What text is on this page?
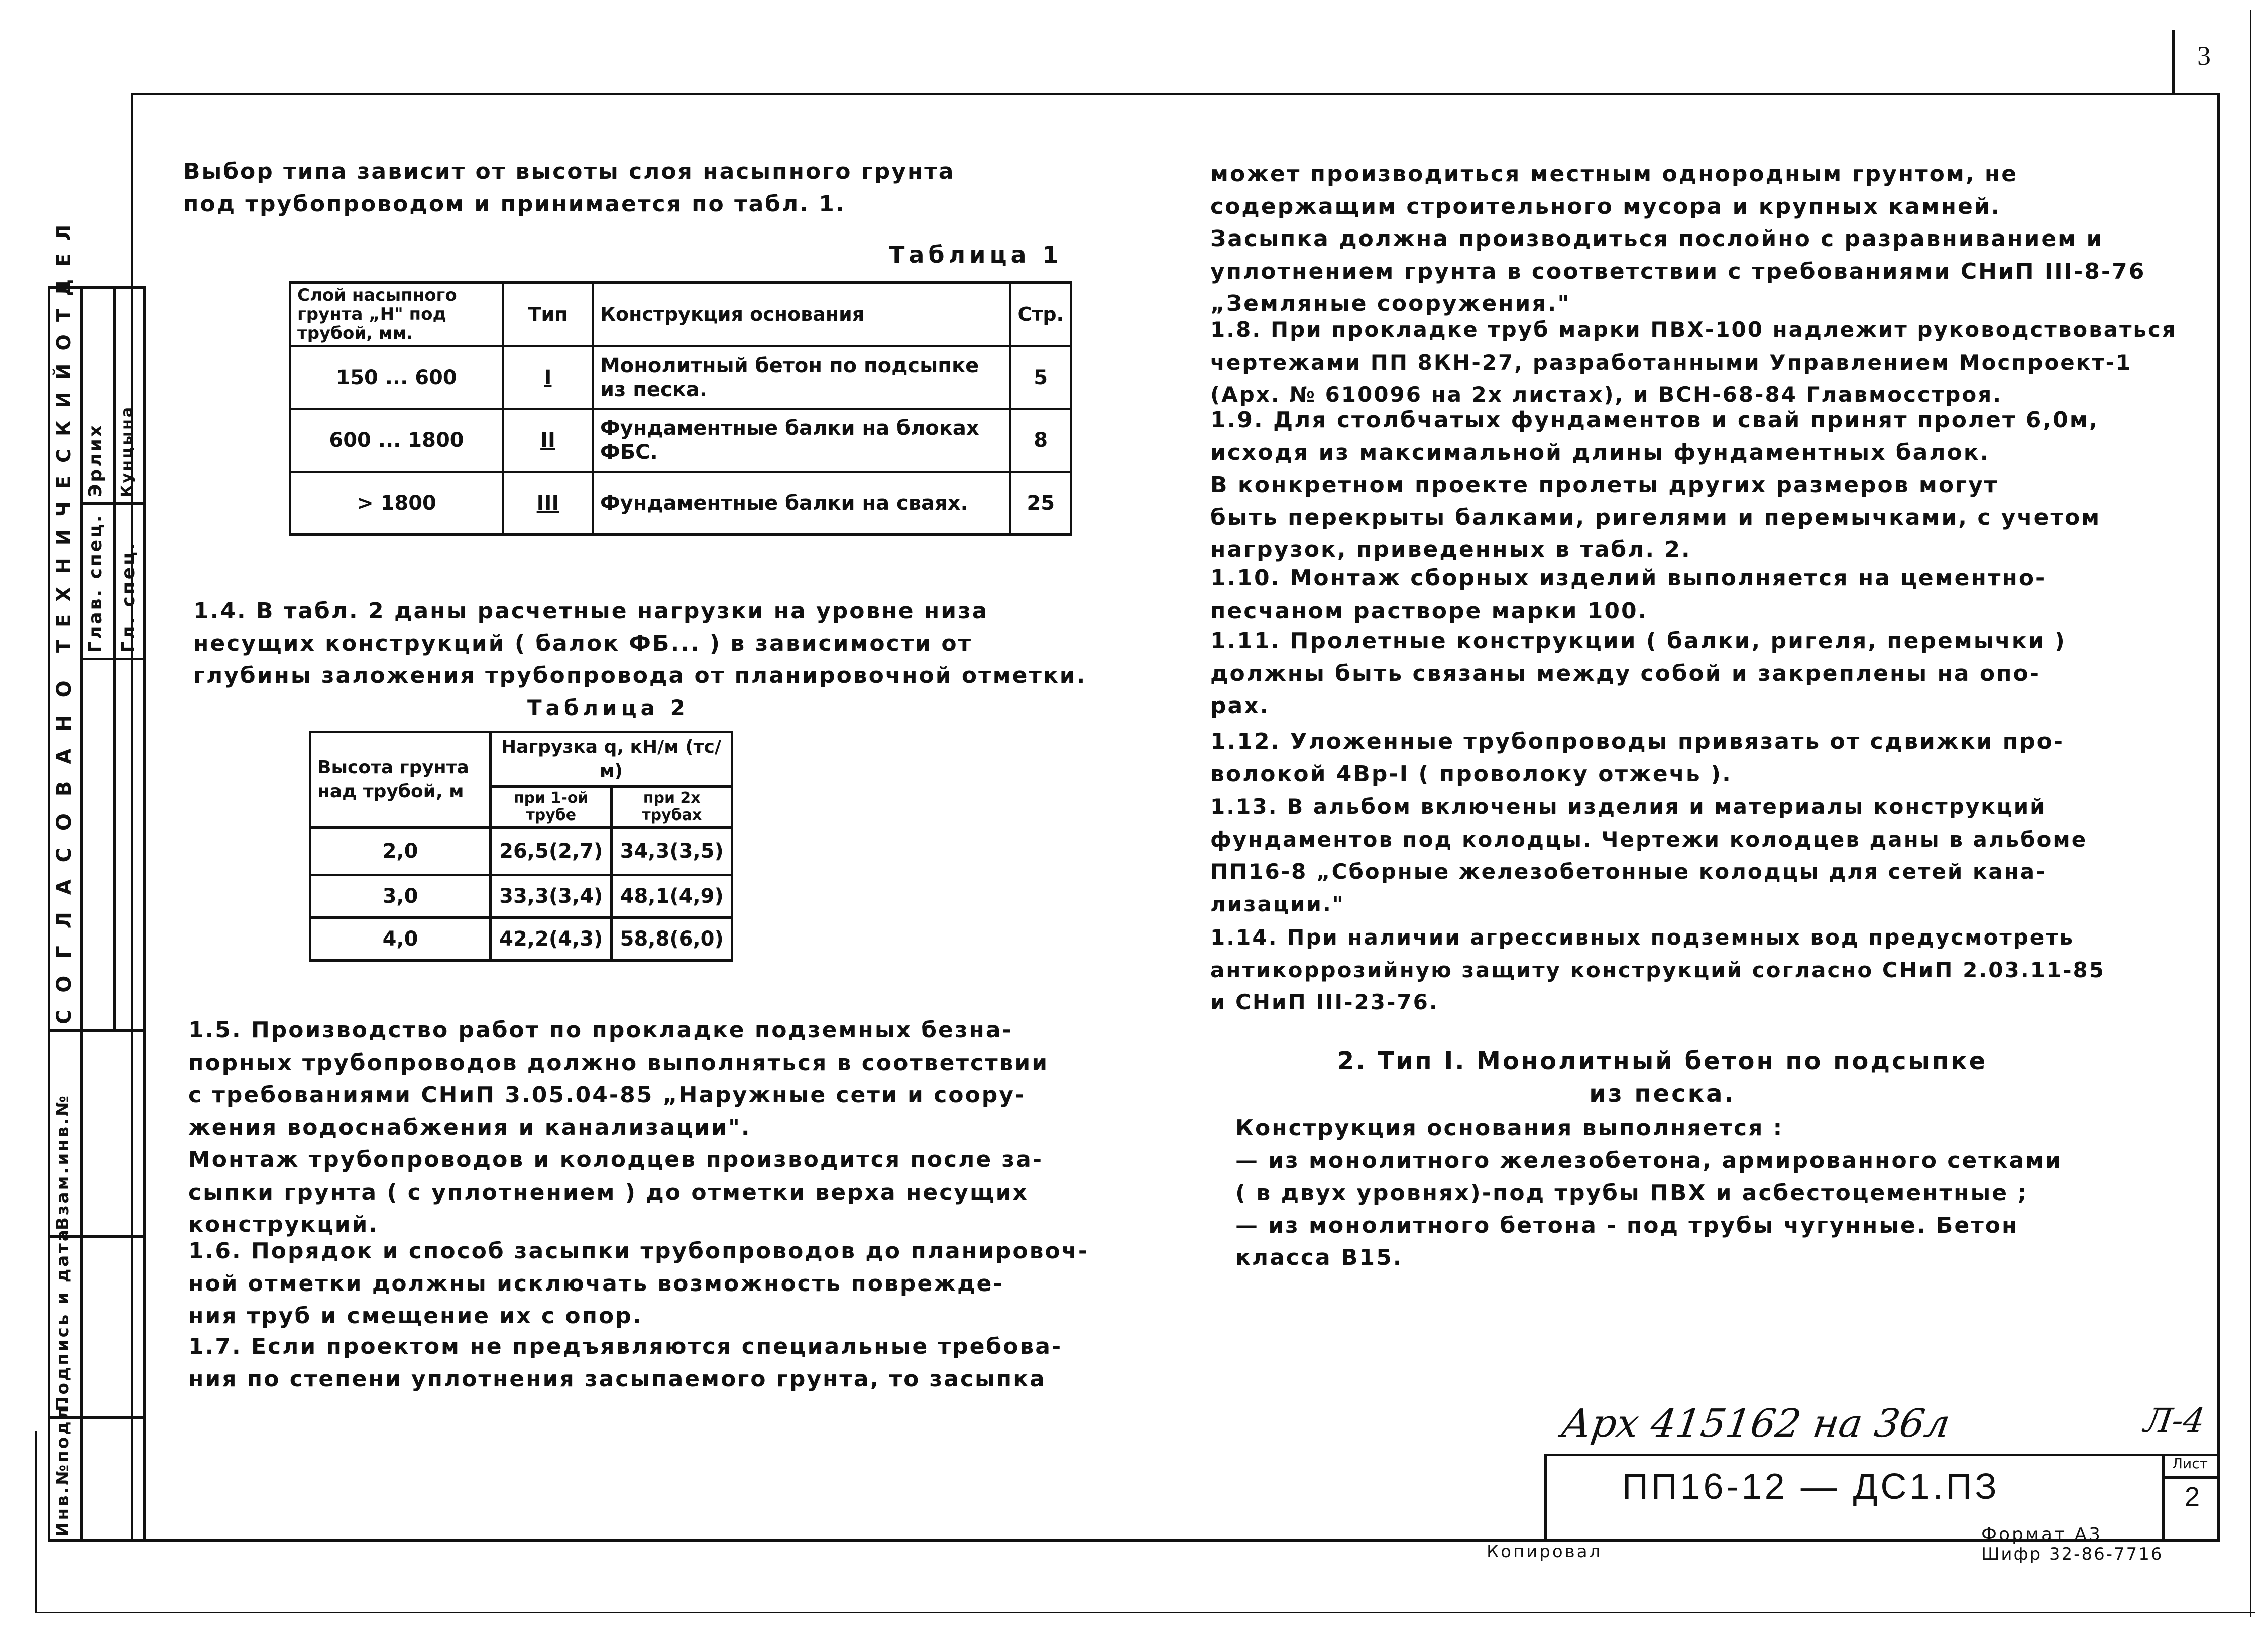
3
С О Г Л А С О В А Н О
Т Е Х Н И Ч Е С К И Й О Т Д Е Л Глав. спец.
Эрлих
Гл. спец.
Кунцына
Инв.№подл.
Подпись и дата
Взам.инв.№
Выбор типа зависит от высоты слоя насыпного грунта
под трубопроводом и принимается по табл. 1.
Таблица 1
Слой насыпного грунта „H" под трубой, мм.	Тип	Конструкция основания	Стр.
150 ... 600	I	Монолитный бетон по подсыпке из песка.	5
600 ... 1800	II	Фундаментные балки на блоках ФБС.	8
> 1800	III	Фундаментные балки на сваях.	25
1.4. В табл. 2 даны расчетные нагрузки на уровне низа
несущих конструкций ( балок ФБ... ) в зависимости от
глубины заложения трубопровода от планировочной отметки.
Таблица 2
Высота грунта над трубой, м	Нагрузка q, кН/м (тс/м)	
	при 1-ой трубе	при 2х трубах
2,0	26,5(2,7)	34,3(3,5)
3,0	33,3(3,4)	48,1(4,9)
4,0	42,2(4,3)	58,8(6,0)
1.5. Производство работ по прокладке подземных безна-
порных трубопроводов должно выполняться в соответствии
с требованиями СНиП 3.05.04-85 „Наружные сети и соору-
жения водоснабжения и канализации".
Монтаж трубопроводов и колодцев производится после за-
сыпки грунта ( с уплотнением ) до отметки верха несущих
конструкций.
1.6. Порядок и способ засыпки трубопроводов до планировоч-
ной отметки должны исключать возможность поврежде-
ния труб и смещение их с опор.
1.7. Если проектом не предъявляются специальные требова-
ния по степени уплотнения засыпаемого грунта, то засыпка
может производиться местным однородным грунтом, не
содержащим строительного мусора и крупных камней.
Засыпка должна производиться послойно с разравниванием и
уплотнением грунта в соответствии с требованиями СНиП III-8-76
„Земляные сооружения."
1.8. При прокладке труб марки ПВХ-100 надлежит руководствоваться
чертежами ПП 8КН-27, разработанными Управлением Моспроект-1
(Арх. № 610096 на 2х листах), и ВСН-68-84 Главмосстроя.
1.9. Для столбчатых фундаментов и свай принят пролет 6,0м,
исходя из максимальной длины фундаментных балок.
В конкретном проекте пролеты других размеров могут
быть перекрыты балками, ригелями и перемычками, с учетом
нагрузок, приведенных в табл. 2.
1.10. Монтаж сборных изделий выполняется на цементно-
песчаном растворе марки 100.
1.11. Пролетные конструкции ( балки, ригеля, перемычки )
должны быть связаны между собой и закреплены на опо-
рах.
1.12. Уложенные трубопроводы привязать от сдвижки про-
волокой 4Вр-I ( проволоку отжечь ).
1.13. В альбом включены изделия и материалы конструкций
фундаментов под колодцы. Чертежи колодцев даны в альбоме
ПП16-8 „Сборные железобетонные колодцы для сетей кана-
лизации."
1.14. При наличии агрессивных подземных вод предусмотреть
антикоррозийную защиту конструкций согласно СНиП 2.03.11-85
и СНиП III-23-76.
2. Тип I. Монолитный бетон по подсыпке
из песка.
Конструкция основания выполняется :
— из монолитного железобетона, армированного сетками
( в двух уровнях)-под трубы ПВХ и асбестоцементные ;
— из монолитного бетона - под трубы чугунные. Бетон
класса В15.
Арх 415162 на 36л	Л-4
Лист
2
ПП16-12 — ДС1.ПЗ
Копировал
Формат А3
Шифр 32-86-7716
